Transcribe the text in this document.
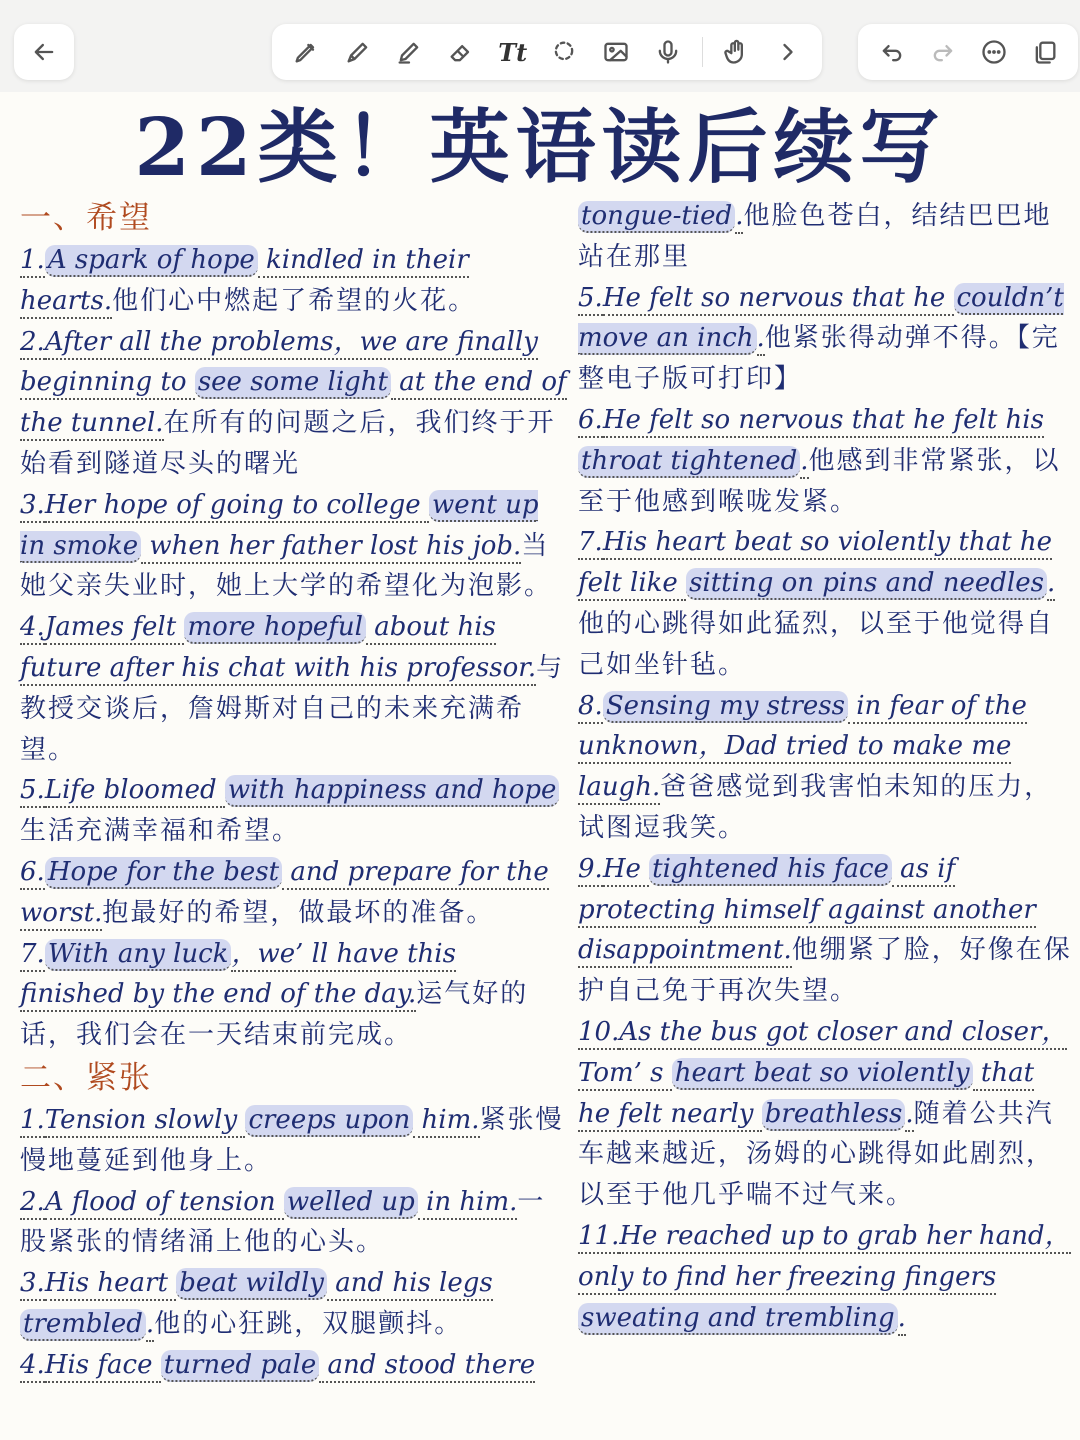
Tt
22类！英语读后续写
一、希望
1. A spark of hope kindled in their hearts.他们心中燃起了希望的火花。
2.After all the problems，we are finally beginning to see some light at the end of the tunnel.在所有的问题之后，我们终于开始看到隧道尽头的曙光
3.Her hope of going to college went up in smoke when her father lost his job.当她父亲失业时，她上大学的希望化为泡影。
4.James felt more hopeful about his future after his chat with his professor.与教授交谈后，詹姆斯对自己的未来充满希望。
5.Life bloomed with happiness and hope生活充满幸福和希望。
6. Hope for the best and prepare for the worst.抱最好的希望，做最坏的准备。
7. With any luck ，we’ ll have this finished by the end of the day.运气好的话，我们会在一天结束前完成。
二、紧张
1.Tension slowly creeps upon him.紧张慢慢地蔓延到他身上。
2.A flood of tension welled up in him.一股紧张的情绪涌上他的心头。
3.His heart beat wildly and his legs trembled .他的心狂跳，双腿颤抖。
4.His face turned pale and stood there
tongue-tied .他脸色苍白，结结巴巴地站在那里
5.He felt so nervous that he couldn’t move an inch .他紧张得动弹不得。【完整电子版可打印】
6.He felt so nervous that he felt his throat tightened .他感到非常紧张，以至于他感到喉咙发紧。
7.His heart beat so violently that he felt like sitting on pins and needles .他的心跳得如此猛烈，以至于他觉得自己如坐针毡。
8. Sensing my stress in fear of the unknown，Dad tried to make me laugh.爸爸感觉到我害怕未知的压力，试图逗我笑。
9.He tightened his face as if protecting himself against another disappointment.他绷紧了脸，好像在保护自己免于再次失望。
10.As the bus got closer and closer，Tom’ s heart beat so violently that he felt nearly breathless .随着公共汽车越来越近，汤姆的心跳得如此剧烈，以至于他几乎喘不过气来。
11.He reached up to grab her hand，only to find her freezing fingers sweating and trembling .
